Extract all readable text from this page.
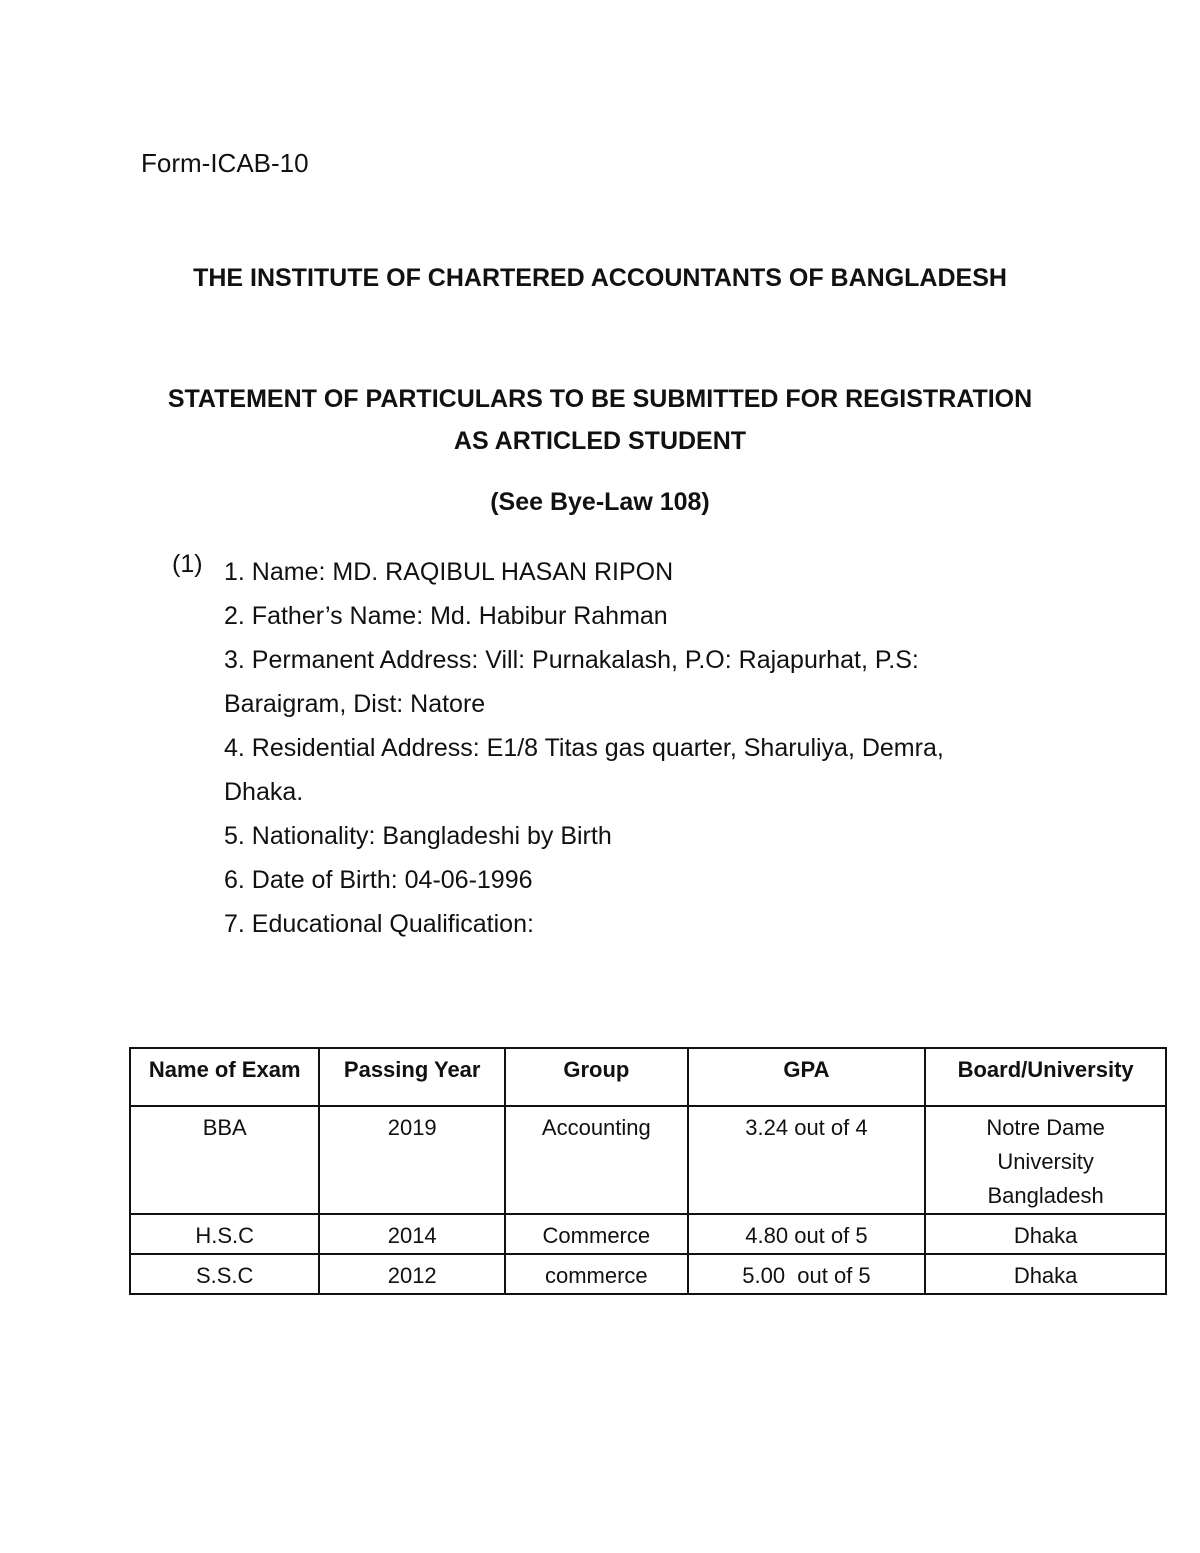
Form-ICAB-10
THE INSTITUTE OF CHARTERED ACCOUNTANTS OF BANGLADESH
STATEMENT OF PARTICULARS TO BE SUBMITTED FOR REGISTRATION
AS ARTICLED STUDENT
(See Bye-Law 108)
(1) 1. Name: MD. RAQIBUL HASAN RIPON
2. Father’s Name: Md. Habibur Rahman
3. Permanent Address: Vill: Purnakalash, P.O: Rajapurhat, P.S:
Baraigram, Dist: Natore
4. Residential Address: E1/8 Titas gas quarter, Sharuliya, Demra,
Dhaka.
5. Nationality: Bangladeshi by Birth
6. Date of Birth: 04-06-1996
7. Educational Qualification:
Name of Exam	Passing Year	Group	GPA	Board/University
BBA	2019	Accounting	3.24 out of 4	Notre Dame
University
Bangladesh

H.S.C	2014	Commerce	4.80 out of 5	Dhaka
S.S.C	2012	commerce	5.00  out of 5	Dhaka
